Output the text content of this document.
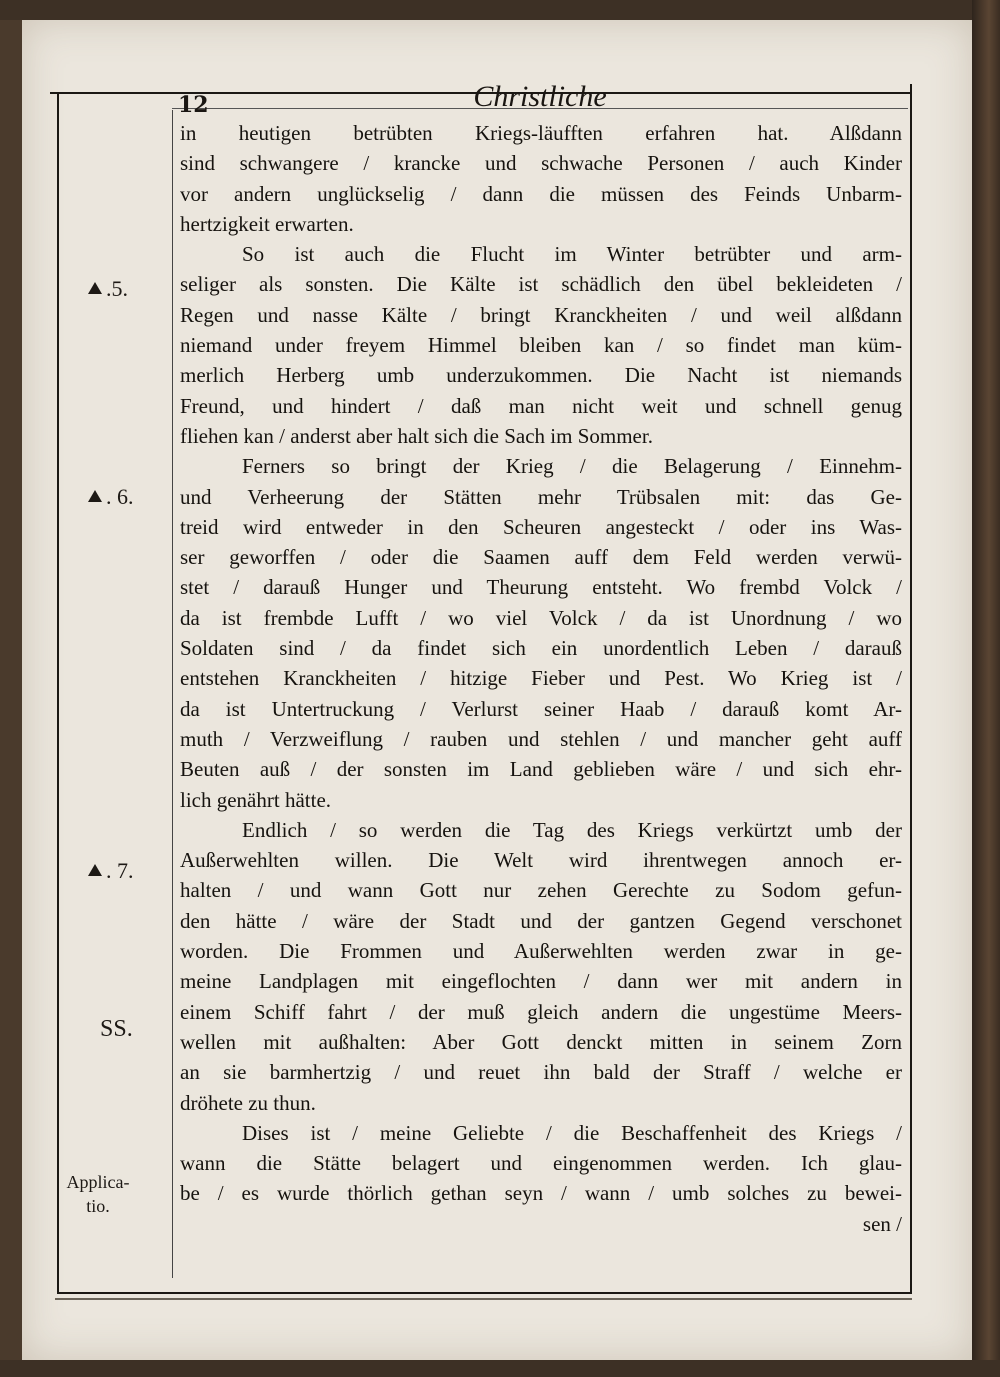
12	Christliche
.5.
. 6.
. 7.
SS.
Applica-
tio.
in heutigen betrübten Kriegs-läufften erfahren hat. Alßdann
sind schwangere / krancke und schwache Personen / auch Kinder
vor andern unglückselig / dann die müssen des Feinds Unbarm-
hertzigkeit erwarten.
So ist auch die Flucht im Winter betrübter und arm-
seliger als sonsten. Die Kälte ist schädlich den übel bekleideten /
Regen und nasse Kälte / bringt Kranckheiten / und weil alßdann
niemand under freyem Himmel bleiben kan / so findet man küm-
merlich Herberg umb underzukommen. Die Nacht ist niemands
Freund, und hindert / daß man nicht weit und schnell genug
fliehen kan / anderst aber halt sich die Sach im Sommer.
Ferners so bringt der Krieg / die Belagerung / Einnehm-
und Verheerung der Stätten mehr Trübsalen mit: das Ge-
treid wird entweder in den Scheuren angesteckt / oder ins Was-
ser geworffen / oder die Saamen auff dem Feld werden verwü-
stet / darauß Hunger und Theurung entsteht. Wo frembd Volck /
da ist frembde Lufft / wo viel Volck / da ist Unordnung / wo
Soldaten sind / da findet sich ein unordentlich Leben / darauß
entstehen Kranckheiten / hitzige Fieber und Pest. Wo Krieg ist /
da ist Untertruckung / Verlurst seiner Haab / darauß komt Ar-
muth / Verzweiflung / rauben und stehlen / und mancher geht auff
Beuten auß / der sonsten im Land geblieben wäre / und sich ehr-
lich genährt hätte.
Endlich / so werden die Tag des Kriegs verkürtzt umb der
Außerwehlten willen. Die Welt wird ihrentwegen annoch er-
halten / und wann Gott nur zehen Gerechte zu Sodom gefun-
den hätte / wäre der Stadt und der gantzen Gegend verschonet
worden. Die Frommen und Außerwehlten werden zwar in ge-
meine Landplagen mit eingeflochten / dann wer mit andern in
einem Schiff fahrt / der muß gleich andern die ungestüme Meers-
wellen mit außhalten: Aber Gott denckt mitten in seinem Zorn
an sie barmhertzig / und reuet ihn bald der Straff / welche er
dröhete zu thun.
Dises ist / meine Geliebte / die Beschaffenheit des Kriegs /
wann die Stätte belagert und eingenommen werden. Ich glau-
be / es wurde thörlich gethan seyn / wann / umb solches zu bewei-
sen /
